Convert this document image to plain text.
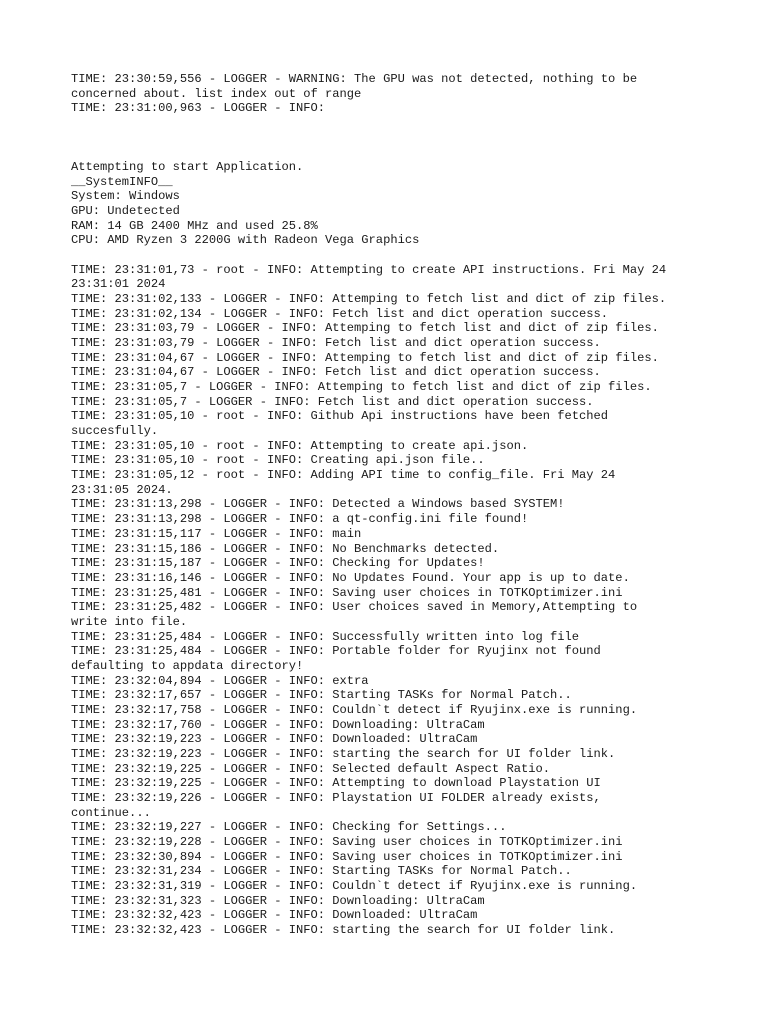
TIME: 23:30:59,556 - LOGGER - WARNING: The GPU was not detected, nothing to be
concerned about. list index out of range
TIME: 23:31:00,963 - LOGGER - INFO:
Attempting to start Application.
__SystemINFO__
System: Windows
GPU: Undetected
RAM: 14 GB 2400 MHz and used 25.8%
CPU: AMD Ryzen 3 2200G with Radeon Vega Graphics
TIME: 23:31:01,73 - root - INFO: Attempting to create API instructions. Fri May 24
23:31:01 2024
TIME: 23:31:02,133 - LOGGER - INFO: Attemping to fetch list and dict of zip files.
TIME: 23:31:02,134 - LOGGER - INFO: Fetch list and dict operation success.
TIME: 23:31:03,79 - LOGGER - INFO: Attemping to fetch list and dict of zip files.
TIME: 23:31:03,79 - LOGGER - INFO: Fetch list and dict operation success.
TIME: 23:31:04,67 - LOGGER - INFO: Attemping to fetch list and dict of zip files.
TIME: 23:31:04,67 - LOGGER - INFO: Fetch list and dict operation success.
TIME: 23:31:05,7 - LOGGER - INFO: Attemping to fetch list and dict of zip files.
TIME: 23:31:05,7 - LOGGER - INFO: Fetch list and dict operation success.
TIME: 23:31:05,10 - root - INFO: Github Api instructions have been fetched
succesfully.
TIME: 23:31:05,10 - root - INFO: Attempting to create api.json.
TIME: 23:31:05,10 - root - INFO: Creating api.json file..
TIME: 23:31:05,12 - root - INFO: Adding API time to config_file. Fri May 24
23:31:05 2024.
TIME: 23:31:13,298 - LOGGER - INFO: Detected a Windows based SYSTEM!
TIME: 23:31:13,298 - LOGGER - INFO: a qt-config.ini file found!
TIME: 23:31:15,117 - LOGGER - INFO: main
TIME: 23:31:15,186 - LOGGER - INFO: No Benchmarks detected.
TIME: 23:31:15,187 - LOGGER - INFO: Checking for Updates!
TIME: 23:31:16,146 - LOGGER - INFO: No Updates Found. Your app is up to date.
TIME: 23:31:25,481 - LOGGER - INFO: Saving user choices in TOTKOptimizer.ini
TIME: 23:31:25,482 - LOGGER - INFO: User choices saved in Memory,Attempting to
write into file.
TIME: 23:31:25,484 - LOGGER - INFO: Successfully written into log file
TIME: 23:31:25,484 - LOGGER - INFO: Portable folder for Ryujinx not found
defaulting to appdata directory!
TIME: 23:32:04,894 - LOGGER - INFO: extra
TIME: 23:32:17,657 - LOGGER - INFO: Starting TASKs for Normal Patch..
TIME: 23:32:17,758 - LOGGER - INFO: Couldn`t detect if Ryujinx.exe is running.
TIME: 23:32:17,760 - LOGGER - INFO: Downloading: UltraCam
TIME: 23:32:19,223 - LOGGER - INFO: Downloaded: UltraCam
TIME: 23:32:19,223 - LOGGER - INFO: starting the search for UI folder link.
TIME: 23:32:19,225 - LOGGER - INFO: Selected default Aspect Ratio.
TIME: 23:32:19,225 - LOGGER - INFO: Attempting to download Playstation UI
TIME: 23:32:19,226 - LOGGER - INFO: Playstation UI FOLDER already exists,
continue...
TIME: 23:32:19,227 - LOGGER - INFO: Checking for Settings...
TIME: 23:32:19,228 - LOGGER - INFO: Saving user choices in TOTKOptimizer.ini
TIME: 23:32:30,894 - LOGGER - INFO: Saving user choices in TOTKOptimizer.ini
TIME: 23:32:31,234 - LOGGER - INFO: Starting TASKs for Normal Patch..
TIME: 23:32:31,319 - LOGGER - INFO: Couldn`t detect if Ryujinx.exe is running.
TIME: 23:32:31,323 - LOGGER - INFO: Downloading: UltraCam
TIME: 23:32:32,423 - LOGGER - INFO: Downloaded: UltraCam
TIME: 23:32:32,423 - LOGGER - INFO: starting the search for UI folder link.
